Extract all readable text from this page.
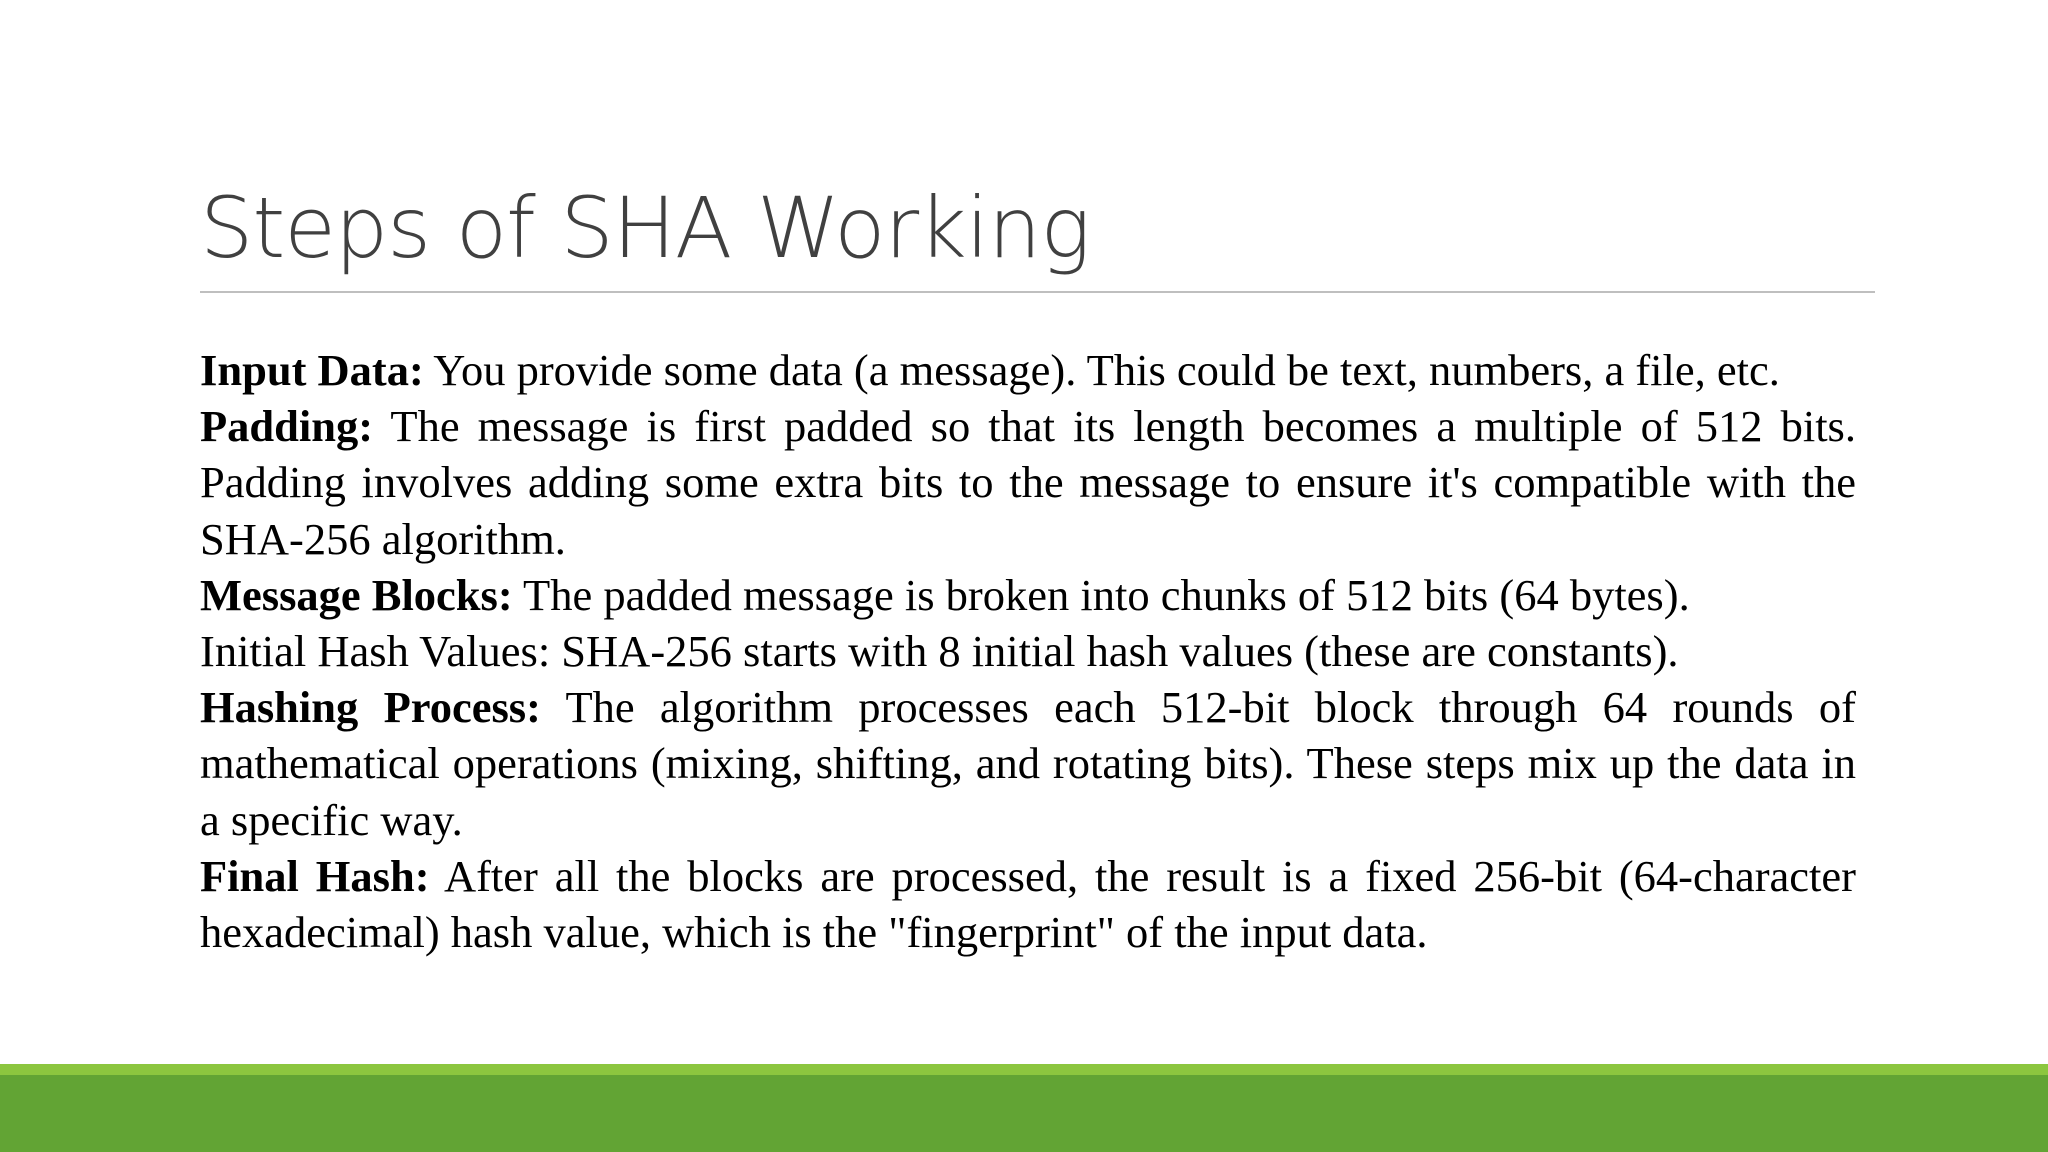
Steps of SHA Working

Input Data: You provide some data (a message). This could be text, numbers, a file, etc.

Padding: The message is first padded so that its length becomes a multiple of 512 bits. Padding involves adding some extra bits to the message to ensure it's compatible with the SHA-256 algorithm.

Message Blocks: The padded message is broken into chunks of 512 bits (64 bytes).

Initial Hash Values: SHA-256 starts with 8 initial hash values (these are constants).

Hashing Process: The algorithm processes each 512-bit block through 64 rounds of mathematical operations (mixing, shifting, and rotating bits). These steps mix up the data in a specific way.

Final Hash: After all the blocks are processed, the result is a fixed 256-bit (64-character hexadecimal) hash value, which is the "fingerprint" of the input data.
